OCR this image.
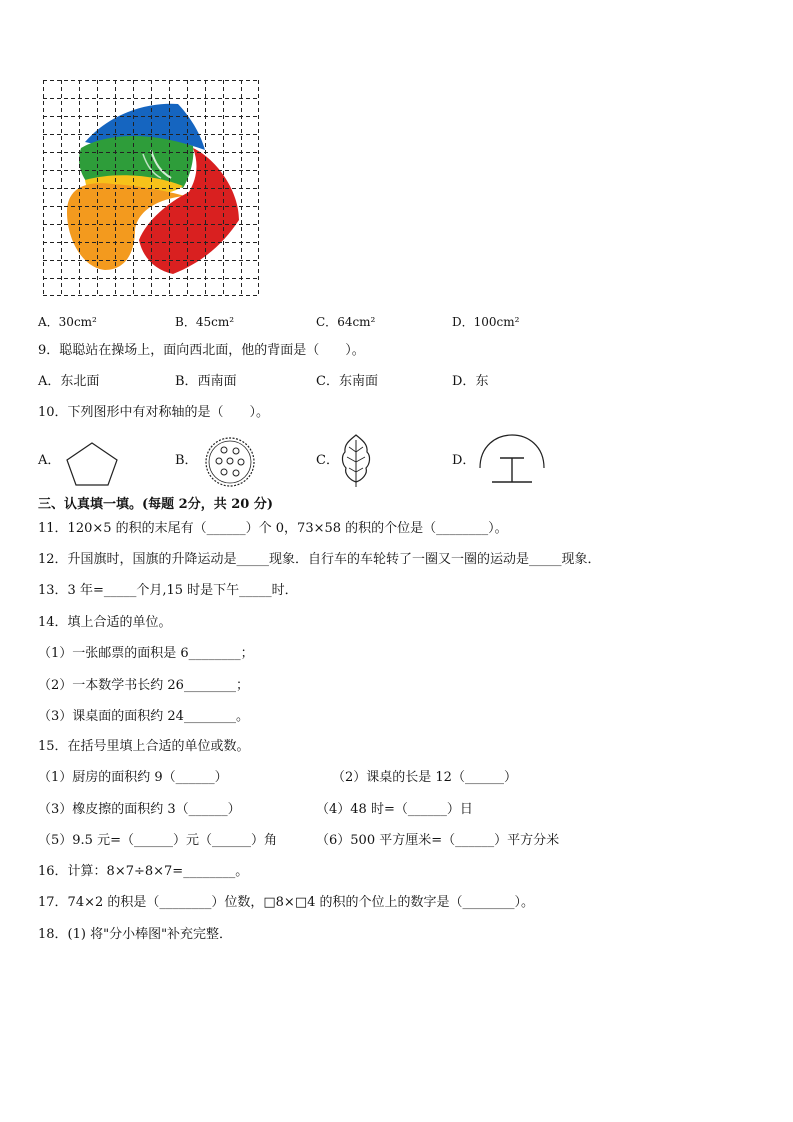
A．30cm²	B．45cm²	C．64cm²	D．100cm²
9．聪聪站在操场上，面向西北面，他的背面是（　　）。
A．东北面	B．西南面	C．东南面	D．东
10．下列图形中有对称轴的是（　　）。
A．	B．	C．	D．
三、认真填一填。(每题 2分，共 20 分)
11．120×5 的积的末尾有（______）个 0，73×58 的积的个位是（________）。
12．升国旗时，国旗的升降运动是_____现象．自行车的车轮转了一圈又一圈的运动是_____现象．
13．3 年=_____个月,15 时是下午_____时．
14．填上合适的单位。
（1）一张邮票的面积是 6________；
（2）一本数学书长约 26________；
（3）课桌面的面积约 24________。
15．在括号里填上合适的单位或数。
（1）厨房的面积约 9（______）	（2）课桌的长是 12（______）
（3）橡皮擦的面积约 3（______）	（4）48 时=（______）日
（5）9.5 元=（______）元（______）角	（6）500 平方厘米=（______）平方分米
16．计算：8×7÷8×7=________。
17．74×2 的积是（________）位数，□8×□4 的积的个位上的数字是（________）。
18．(1) 将"分小棒图"补充完整．
